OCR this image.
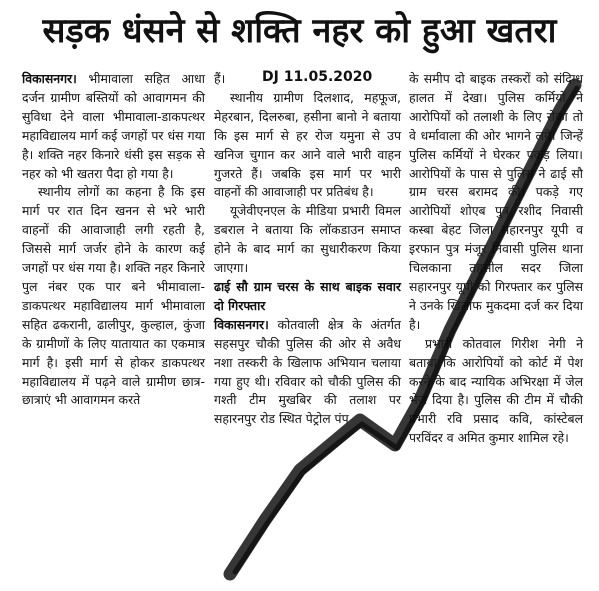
सड़क धंसने से शक्ति नहर को हुआ खतरा
DJ 11.05.2020

विकासनगर। भीमावाला सहित आधा दर्जन ग्रामीण बस्तियों को आवागमन की सुविधा देने वाला भीमावाला-डाकपत्थर महाविद्यालय मार्ग कई जगहों पर धंस गया है। शक्ति नहर किनारे धंसी इस सड़क से नहर को भी खतरा पैदा हो गया है।

स्थानीय लोगों का कहना है कि इस मार्ग पर रात दिन खनन से भरे भारी वाहनों की आवाजाही लगी रहती है, जिससे मार्ग जर्जर होने के कारण कई जगहों पर धंस गया है। शक्ति नहर किनारे पुल नंबर एक पार बने भीमावाला-डाकपत्थर महाविद्यालय मार्ग भीमावाला सहित ढकरानी, ढालीपुर, कुल्हाल, कुंजा के ग्रामीणों के लिए यातायात का एकमात्र मार्ग है। इसी मार्ग से होकर डाकपत्थर महाविद्यालय में पढ़ने वाले ग्रामीण छात्र-छात्राएं भी आवागमन करते

हैं।

स्थानीय ग्रामीण दिलशाद, महफूज, मेहरबान, दिलरुबा, हसीना बानो ने बताया कि इस मार्ग से हर रोज यमुना से उप खनिज चुगान कर आने वाले भारी वाहन गुजरते हैं। जबकि इस मार्ग पर भारी वाहनों की आवाजाही पर प्रतिबंध है।

यूजेवीएनएल के मीडिया प्रभारी विमल डबराल ने बताया कि लॉकडाउन समाप्त होने के बाद मार्ग का सुधारीकरण किया जाएगा।

ढाई सौ ग्राम चरस के साथ बाइक सवार दो गिरफ्तार

विकासनगर। कोतवाली क्षेत्र के अंतर्गत सहसपुर चौकी पुलिस की ओर से अवैध नशा तस्करी के खिलाफ अभियान चलाया गया हुए थी। रविवार को चौकी पुलिस की गश्ती टीम मुखबिर की तलाश पर सहारनपुर रोड स्थित पेट्रोल पंप

के समीप दो बाइक तस्करों को संदिग्ध हालत में देखा। पुलिस कर्मियों ने आरोपियों को तलाशी के लिए रोका तो वे धर्मावाला की ओर भागने लगे। जिन्हें पुलिस कर्मियों ने घेरकर पकड़ लिया। आरोपियों के पास से पुलिस ने ढाई सौ ग्राम चरस बरामद की। पकड़े गए आरोपियों शोएब पुत्र रशीद निवासी कस्बा बेहट जिला सहारनपुर यूपी व इरफान पुत्र मंजूर निवासी पुलिस थाना चिलकाना तहसील सदर जिला सहारनपुर यूपी को गिरफ्तार कर पुलिस ने उनके खिलाफ मुकदमा दर्ज कर दिया है।

प्रभारी कोतवाल गिरीश नेगी ने बताया कि आरोपियों को कोर्ट में पेश करने के बाद न्यायिक अभिरक्षा में जेल भेज दिया है। पुलिस की टीम में चौकी प्रभारी रवि प्रसाद कवि, कांस्टेबल परविंदर व अमित कुमार शामिल रहे।
